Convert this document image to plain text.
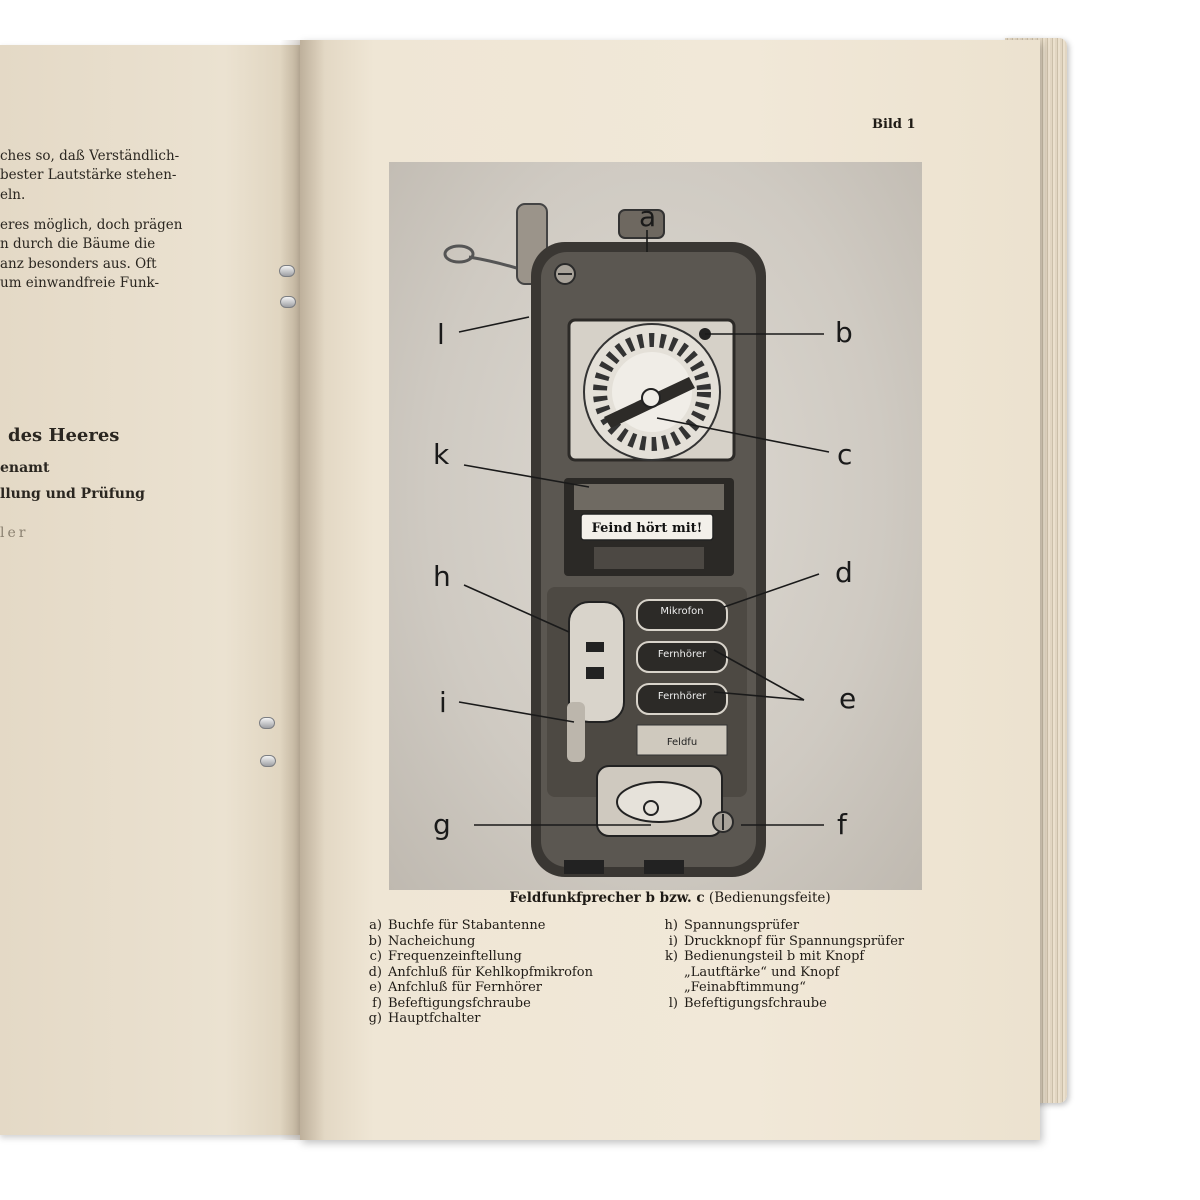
ches so, daß Verständlich-
bester Lautstärke stehen-
eln.
eres möglich, doch prägen
n durch die Bäume die
anz besonders aus. Oft
um einwandfreie Funk-
des Heeres
enamt
llung und Prüfung
ler
Bild 1
Feind hört mit!
Mikrofon
Fernhörer
Fernhörer
Feldfu
a
b
c
d
e
f
g
h
i
k
l
Feldfunkfprecher b bzw. c (Bedienungsfeite)
a) Buchfe für Stabantenne
b) Nacheichung
c) Frequenzeinftellung
d) Anfchluß für Kehlkopfmikrofon
e) Anfchluß für Fernhörer
f) Befeftigungsfchraube
g) Hauptfchalter
h) Spannungsprüfer
i) Druckknopf für Spannungsprüfer
k) Bedienungsteil b mit Knopf
„Lautftärke“ und Knopf
„Feinabftimmung“
l) Befeftigungsfchraube
